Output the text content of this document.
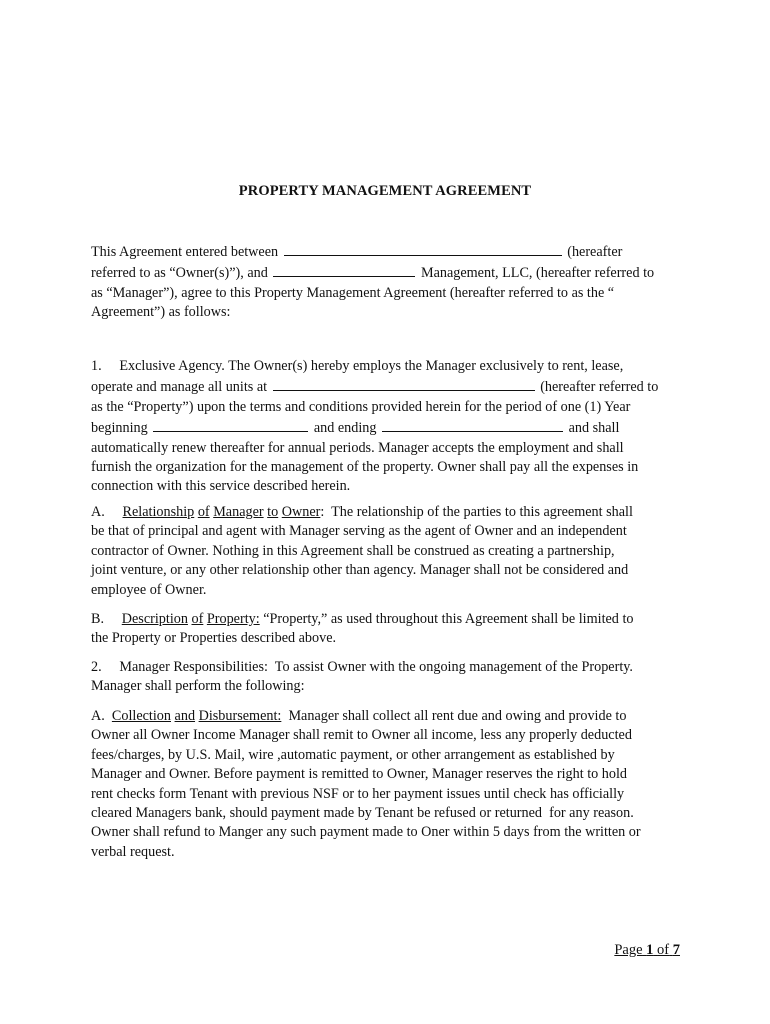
PROPERTY MANAGEMENT AGREEMENT
This Agreement entered between	(hereafter
referred to as “Owner(s)”), and	Management, LLC, (hereafter referred to
as “Manager”), agree to this Property Management Agreement (hereafter referred to as the “
Agreement”) as follows:
1.     Exclusive Agency. The Owner(s) hereby employs the Manager exclusively to rent, lease,
operate and manage all units at	(hereafter referred to
as the “Property”) upon the terms and conditions provided herein for the period of one (1) Year
beginning	and ending	and shall
automatically renew thereafter for annual periods. Manager accepts the employment and shall
furnish the organization for the management of the property. Owner shall pay all the expenses in
connection with this service described herein.
A. Relationship of Manager to Owner:  The relationship of the parties to this agreement shall
be that of principal and agent with Manager serving as the agent of Owner and an independent
contractor of Owner. Nothing in this Agreement shall be construed as creating a partnership,
joint venture, or any other relationship other than agency. Manager shall not be considered and
employee of Owner.
B. Description of Property: “Property,” as used throughout this Agreement shall be limited to
the Property or Properties described above.
2.     Manager Responsibilities:  To assist Owner with the ongoing management of the Property.
Manager shall perform the following:
A. Collection and Disbursement:  Manager shall collect all rent due and owing and provide to
Owner all Owner Income Manager shall remit to Owner all income, less any properly deducted
fees/charges, by U.S. Mail, wire ,automatic payment, or other arrangement as established by
Manager and Owner. Before payment is remitted to Owner, Manager reserves the right to hold
rent checks form Tenant with previous NSF or to her payment issues until check has officially
cleared Managers bank, should payment made by Tenant be refused or returned  for any reason.
Owner shall refund to Manger any such payment made to Oner within 5 days from the written or
verbal request.
Page 1 of 7
